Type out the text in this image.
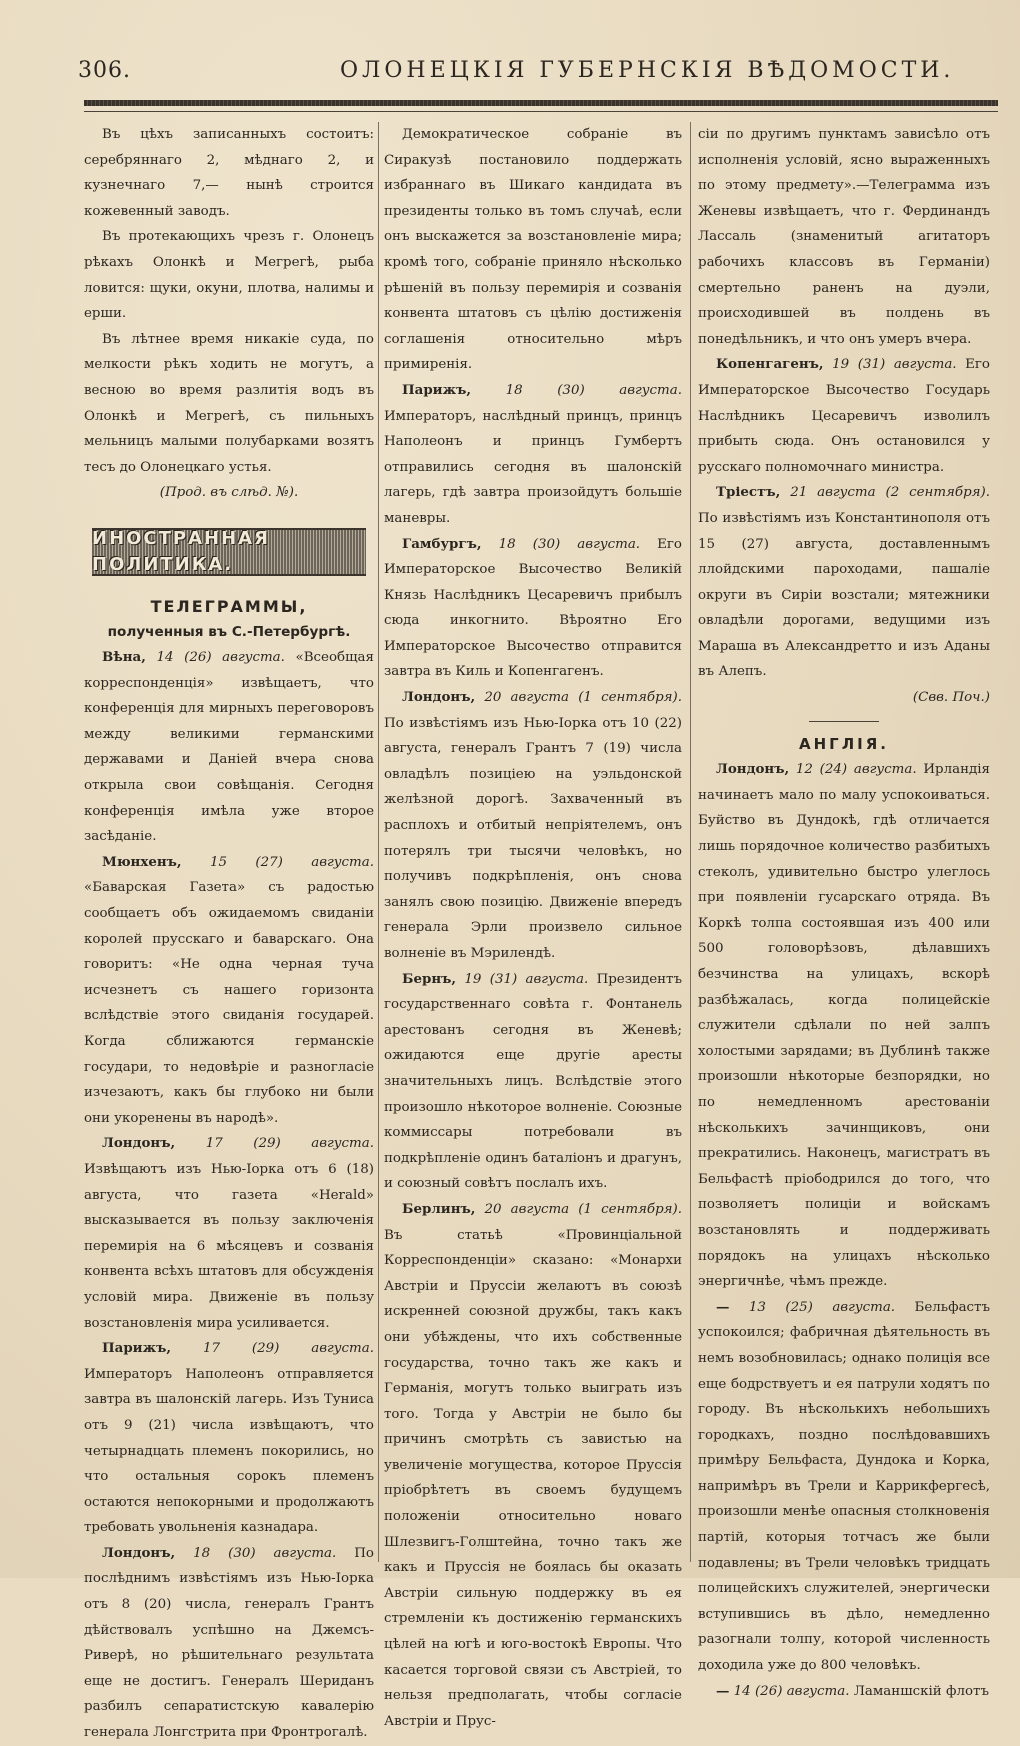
306.	ОЛОНЕЦКІЯ ГУБЕРНСКІЯ ВѢДОМОСТИ.

Въ цѣхъ записанныхъ состоитъ: серебряннаго 2, мѣднаго 2, и кузнечнаго 7,— нынѣ строится кожевенный заводъ.

Въ протекающихъ чрезъ г. Олонецъ рѣкахъ Олонкѣ и Мегрегѣ, рыба ловится: щуки, окуни, плотва, налимы и ерши.

Въ лѣтнее время никакіе суда, по мелкости рѣкъ ходить не могутъ, а весною во время разлитія водъ въ Олонкѣ и Мегрегѣ, съ пильныхъ мельницъ малыми полубарками возятъ тесъ до Олонецкаго устья.

(Прод. въ слѣд. №).

ИНОСТРАННАЯ ПОЛИТИКА.

ТЕЛЕГРАММЫ,

полученныя въ С.-Петербургѣ.

Вѣна, 14 (26) августа. «Всеобщая корреспонденція» извѣщаетъ, что конференція для мирныхъ переговоровъ между великими германскими державами и Даніей вчера снова открыла свои совѣщанія. Сегодня конференція имѣла уже второе засѣданіе.

Мюнхенъ, 15 (27) августа. «Баварская Газета» съ радостью сообщаетъ объ ожидаемомъ свиданіи королей прусскаго и баварскаго. Она говоритъ: «Не одна черная туча исчезнетъ съ нашего горизонта вслѣдствіе этого свиданія государей. Когда сближаются германскіе государи, то недовѣріе и разногласіе изчезаютъ, какъ бы глубоко ни были они укоренены въ народѣ».

Лондонъ, 17 (29) августа. Извѣщаютъ изъ Нью-Іорка отъ 6 (18) августа, что газета «Herald» высказывается въ пользу заключенія перемирія на 6 мѣсяцевъ и созванія конвента всѣхъ штатовъ для обсужденія условій мира. Движеніе въ пользу возстановленія мира усиливается.

Парижъ, 17 (29) августа. Императоръ Наполеонъ отправляется завтра въ шалонскій лагерь. Изъ Туниса отъ 9 (21) числа извѣщаютъ, что четырнадцать племенъ покорились, но что остальныя сорокъ племенъ остаются непокорными и продолжаютъ требовать увольненія казнадара.

Лондонъ, 18 (30) августа. По послѣднимъ извѣстіямъ изъ Нью-Іорка отъ 8 (20) числа, генералъ Грантъ дѣйствовалъ успѣшно на Джемсъ-Риверѣ, но рѣшительнаго результата еще не достигъ. Генералъ Шериданъ разбилъ сепаратистскую кавалерію генерала Лонгстрита при Фронтрогалѣ.

Демократическое собраніе въ Сиракузѣ постановило поддержать избраннаго въ Шикаго кандидата въ президенты только въ томъ случаѣ, если онъ выскажется за возстановленіе мира; кромѣ того, собраніе приняло нѣсколько рѣшеній въ пользу перемирія и созванія конвента штатовъ съ цѣлію достиженія соглашенія относительно мѣръ примиренія.

Парижъ,	18 (30) августа. Императоръ, наслѣдный принцъ, принцъ Наполеонъ и принцъ Гумбертъ отправились сегодня въ шалонскій лагерь, гдѣ завтра произойдутъ большіе маневры.

Гамбургъ, 18 (30) августа. Его Императорское Высочество Великій Князь Наслѣдникъ Цесаревичъ прибылъ сюда инкогнито. Вѣроятно Его Императорское Высочество отправится завтра въ Киль и Копенгагенъ.

Лондонъ, 20 августа (1 сентября). По извѣстіямъ изъ Нью-Іорка отъ 10 (22) августа, генералъ Грантъ 7 (19) числа овладѣлъ позиціею на уэльдонской желѣзной дорогѣ. Захваченный въ расплохъ и отбитый непріятелемъ, онъ потерялъ три тысячи человѣкъ, но получивъ подкрѣпленія, онъ снова занялъ свою позицію. Движеніе впередъ генерала Эрли произвело сильное волненіе въ Мэрилендѣ.

Бернъ, 19 (31) августа. Президентъ государственнаго совѣта г. Фонтанель арестованъ сегодня въ Женевѣ; ожидаются еще другіе аресты значительныхъ лицъ. Вслѣдствіе этого произошло нѣкоторое волненіе. Союзные коммиссары потребовали въ подкрѣпленіе одинъ баталіонъ и драгунъ, и союзный совѣтъ послалъ ихъ.

Берлинъ, 20 августа (1 сентября). Въ статьѣ «Провинціальной Корреспонденціи» сказано: «Монархи Австріи и Пруссіи желаютъ въ союзѣ искренней союзной дружбы, такъ какъ они убѣждены, что ихъ собственные государства, точно такъ же какъ и Германія, могутъ только выиграть изъ того. Тогда у Австріи не было бы причинъ смотрѣть съ завистью на увеличеніе могущества, которое Пруссія пріобрѣтетъ въ своемъ будущемъ положеніи относительно новаго Шлезвигъ-Голштейна, точно такъ же какъ и Пруссія не боялась бы оказать Австріи сильную поддержку въ ея стремленіи къ достиженію германскихъ цѣлей на югѣ и юго-востокѣ Европы. Что касается торговой связи съ Австріей, то нельзя предполагать, чтобы согласіе Австріи и Прус-

сіи по другимъ пунктамъ зависѣло отъ исполненія условій, ясно выраженныхъ по этому предмету».—Телеграмма изъ Женевы извѣщаетъ, что г. Фердинандъ Лассаль (знаменитый агитаторъ рабочихъ классовъ въ Германіи) смертельно раненъ на дуэли, происходившей въ полдень въ понедѣльникъ, и что онъ умеръ вчера.

Копенгагенъ, 19 (31) августа. Его Императорское Высочество Государь Наслѣдникъ Цесаревичъ изволилъ прибыть сюда. Онъ остановился у русскаго полномочнаго министра.

Тріестъ, 21 августа (2 сентября). По извѣстіямъ изъ Константинополя отъ 15 (27) августа, доставленнымъ ллойдскими пароходами, пашаліе округи въ Сиріи возстали; мятежники овладѣли дорогами, ведущими изъ Мараша въ Александретто и изъ Аданы въ Алепъ.

(Свв. Поч.)

АНГЛІЯ.

Лондонъ, 12 (24) августа. Ирландія начинаетъ мало по малу успокоиваться. Буйство въ Дундокѣ, гдѣ отличается лишь порядочное количество разбитыхъ стеколъ, удивительно быстро улеглось при появленіи гусарскаго отряда. Въ Коркѣ толпа состоявшая изъ 400 или 500 головорѣзовъ, дѣлавшихъ безчинства на улицахъ, вскорѣ разбѣжалась, когда полицейскіе служители сдѣлали по ней залпъ холостыми зарядами; въ Дублинѣ также произошли нѣкоторые безпорядки, но по немедленномъ арестованіи нѣсколькихъ зачинщиковъ, они прекратились. Наконецъ, магистратъ въ Бельфастѣ пріободрился до того, что позволяетъ полиціи и войскамъ возстановлять и поддерживать порядокъ на улицахъ нѣсколько энергичнѣе, чѣмъ прежде.

— 13 (25) августа. Бельфастъ успокоился; фабричная дѣятельность въ немъ возобновилась; однако полиція все еще бодрствуетъ и ея патрули ходятъ по городу. Въ нѣсколькихъ небольшихъ городкахъ, поздно послѣдовавшихъ примѣру Бельфаста, Дундока и Корка, напримѣръ въ Трели и Каррикфергесѣ, произошли менѣе опасныя столкновенія партій, которыя тотчасъ же были подавлены; въ Трели человѣкъ тридцать полицейскихъ служителей, энергически вступившись въ дѣло, немедленно разогнали толпу, которой численность доходила уже до 800 человѣкъ.

— 14 (26) августа. Ламаншскій флотъ
